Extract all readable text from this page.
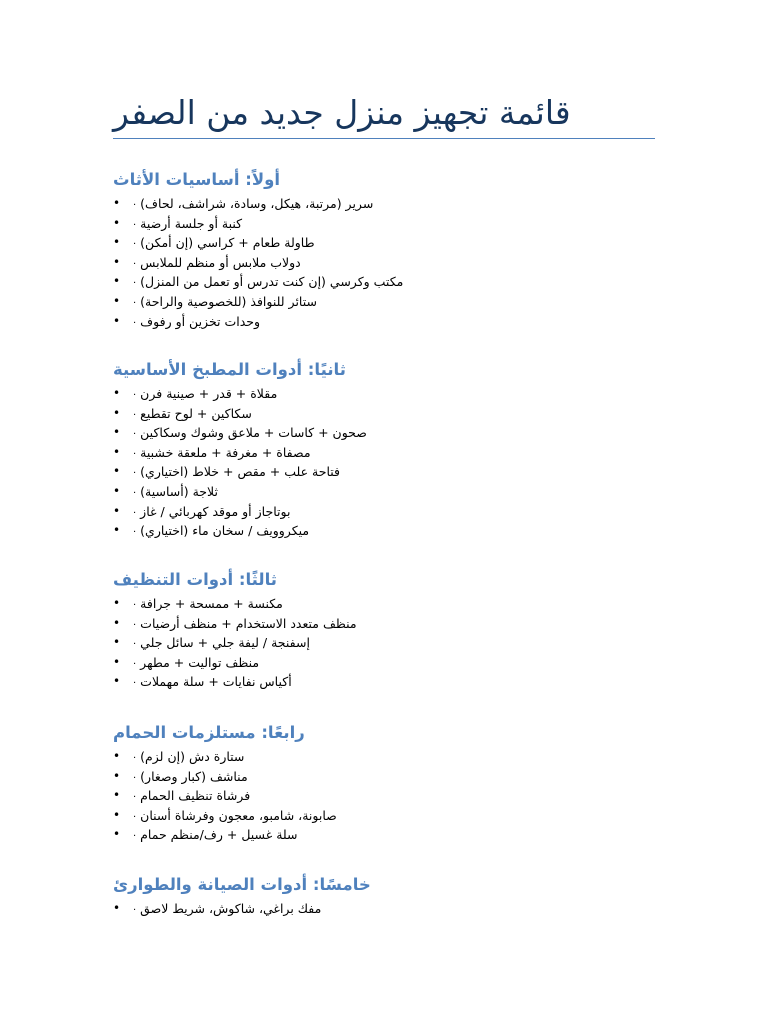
قائمة تجهيز منزل جديد من الصفر
أولاً: أساسيات الأثاث
•	سرير (مرتبة، هيكل، وسادة، شراشف، لحاف) ·
•	كنبة أو جلسة أرضية ·
•	طاولة طعام + كراسي (إن أمكن) ·
•	دولاب ملابس أو منظم للملابس ·
•	مكتب وكرسي (إن كنت تدرس أو تعمل من المنزل) ·
•	ستائر للنوافذ (للخصوصية والراحة) ·
•	وحدات تخزين أو رفوف ·
ثانيًا: أدوات المطبخ الأساسية
•	مقلاة + قدر + صينية فرن ·
•	سكاكين + لوح تقطيع ·
•	صحون + كاسات + ملاعق وشوك وسكاكين ·
•	مصفاة + مغرفة + ملعقة خشبية ·
•	فتاحة علب + مقص + خلاط (اختياري) ·
•	ثلاجة (أساسية) ·
•	بوتاجاز أو موقد كهربائي / غاز ·
•	ميكروويف / سخان ماء (اختياري) ·
ثالثًا: أدوات التنظيف
•	مكنسة + ممسحة + جرافة ·
•	منظف متعدد الاستخدام + منظف أرضيات ·
•	إسفنجة / ليفة جلي + سائل جلي ·
•	منظف تواليت + مطهر ·
•	أكياس نفايات + سلة مهملات ·
رابعًا: مستلزمات الحمام
•	ستارة دش (إن لزم) ·
•	مناشف (كبار وصغار) ·
•	فرشاة تنظيف الحمام ·
•	صابونة، شامبو، معجون وفرشاة أسنان ·
•	سلة غسيل + رف/منظم حمام ·
خامسًا: أدوات الصيانة والطوارئ
•	مفك براغي، شاكوش، شريط لاصق ·
